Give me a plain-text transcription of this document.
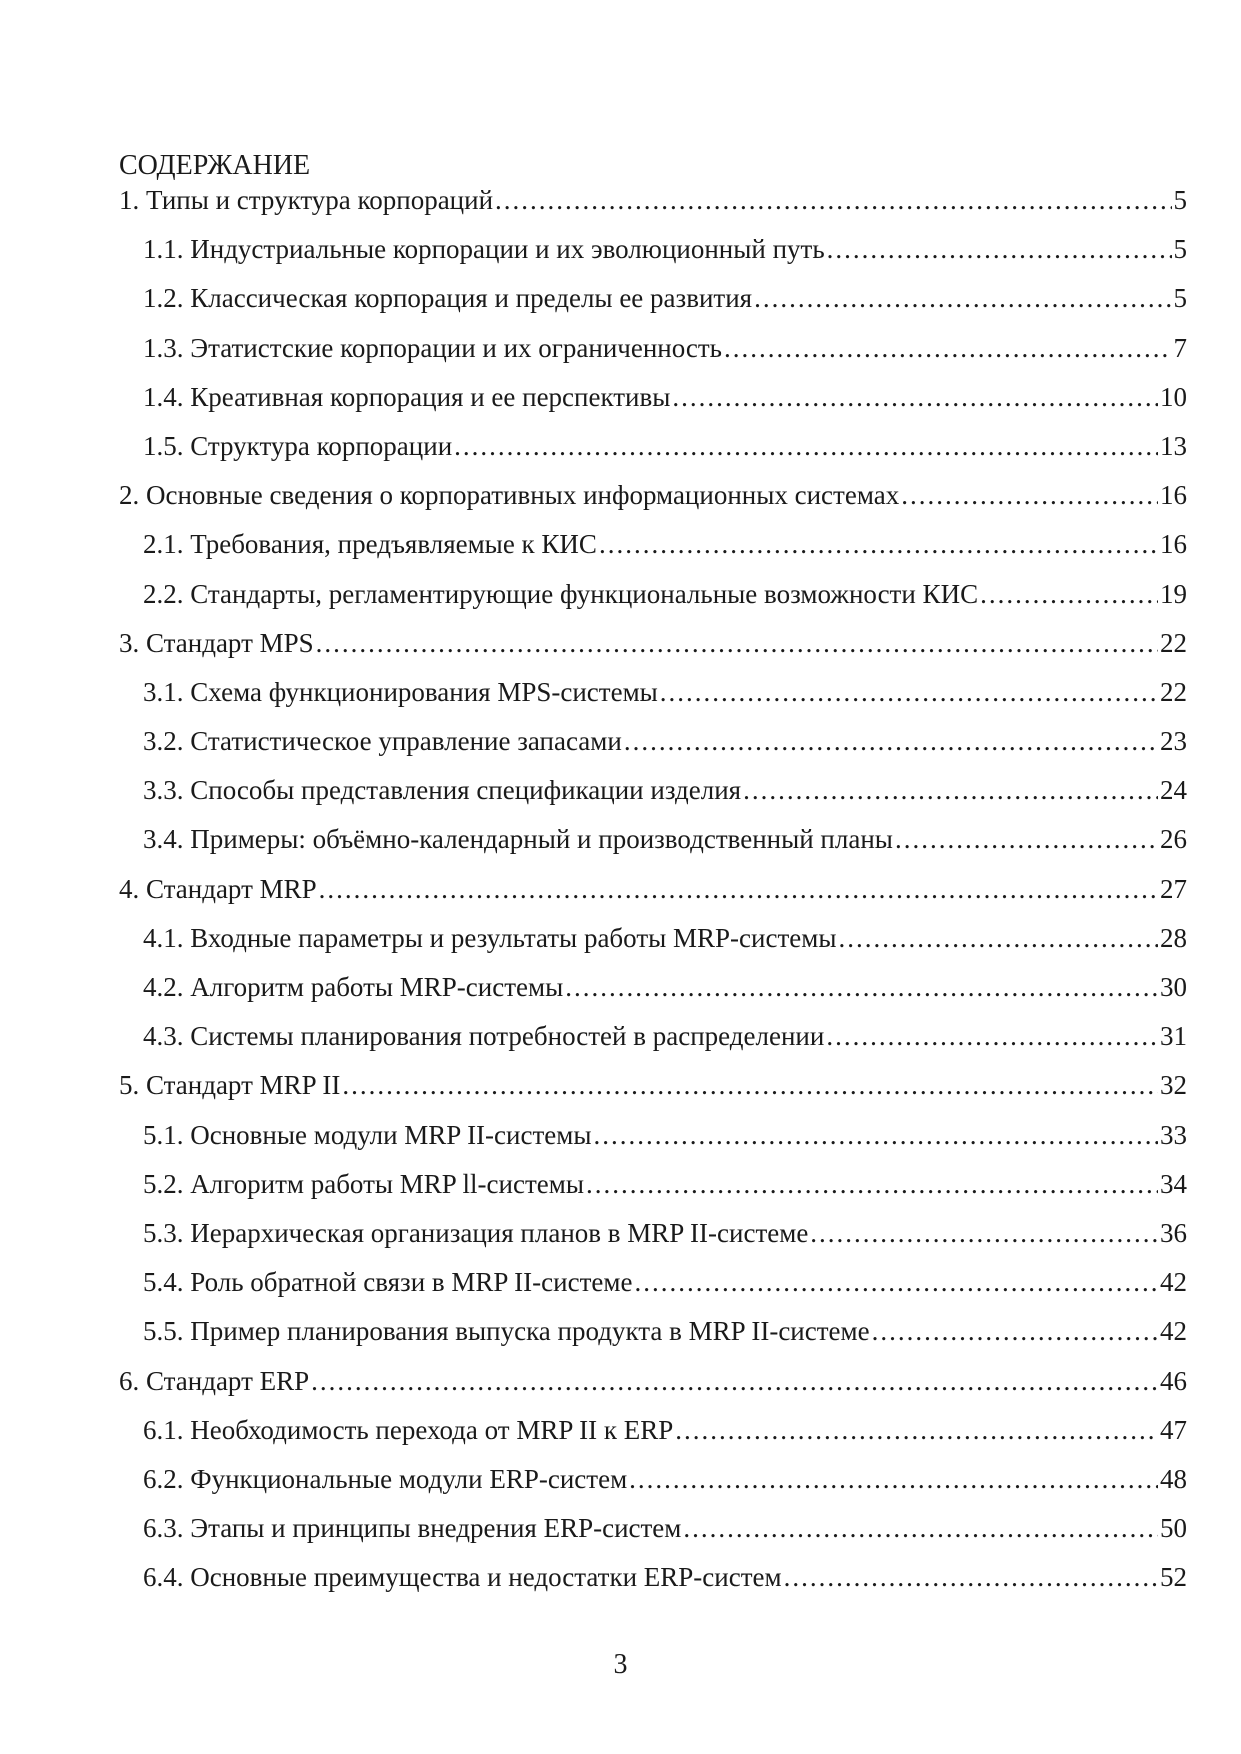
СОДЕРЖАНИЕ
1. Типы и структура корпораций .....	5
1.1. Индустриальные корпорации и их эволюционный путь .....	5
1.2. Классическая корпорация и пределы ее развития .....	5
1.3. Этатистские корпорации и их ограниченность .....	7
1.4. Креативная корпорация и ее перспективы .....	10
1.5. Структура корпорации .....	13
2. Основные сведения о корпоративных информационных системах .....	16
2.1. Требования, предъявляемые к КИС .....	16
2.2. Стандарты, регламентирующие функциональные возможности КИС .....	19
3. Стандарт MPS .....	22
3.1. Схема функционирования MPS-системы .....	22
3.2. Статистическое управление запасами .....	23
3.3. Способы представления спецификации изделия .....	24
3.4. Примеры: объёмно-календарный и производственный планы .....	26
4. Стандарт MRP .....	27
4.1. Входные параметры и результаты работы MRP-системы .....	28
4.2. Алгоритм работы MRP-системы .....	30
4.3. Системы планирования потребностей в распределении .....	31
5. Стандарт MRP II .....	32
5.1. Основные модули MRP II-системы .....	33
5.2. Алгоритм работы MRP ll-системы .....	34
5.3. Иерархическая организация планов в MRP II-системе .....	36
5.4. Роль обратной связи в MRP II-системе .....	42
5.5. Пример планирования выпуска продукта в MRP II-системе .....	42
6. Стандарт ERP .....	46
6.1. Необходимость перехода от MRP II к ERP .....	47
6.2. Функциональные модули ERP-систем .....	48
6.3. Этапы и принципы внедрения ERP-систем .....	50
6.4. Основные преимущества и недостатки ERP-систем .....	52
3
